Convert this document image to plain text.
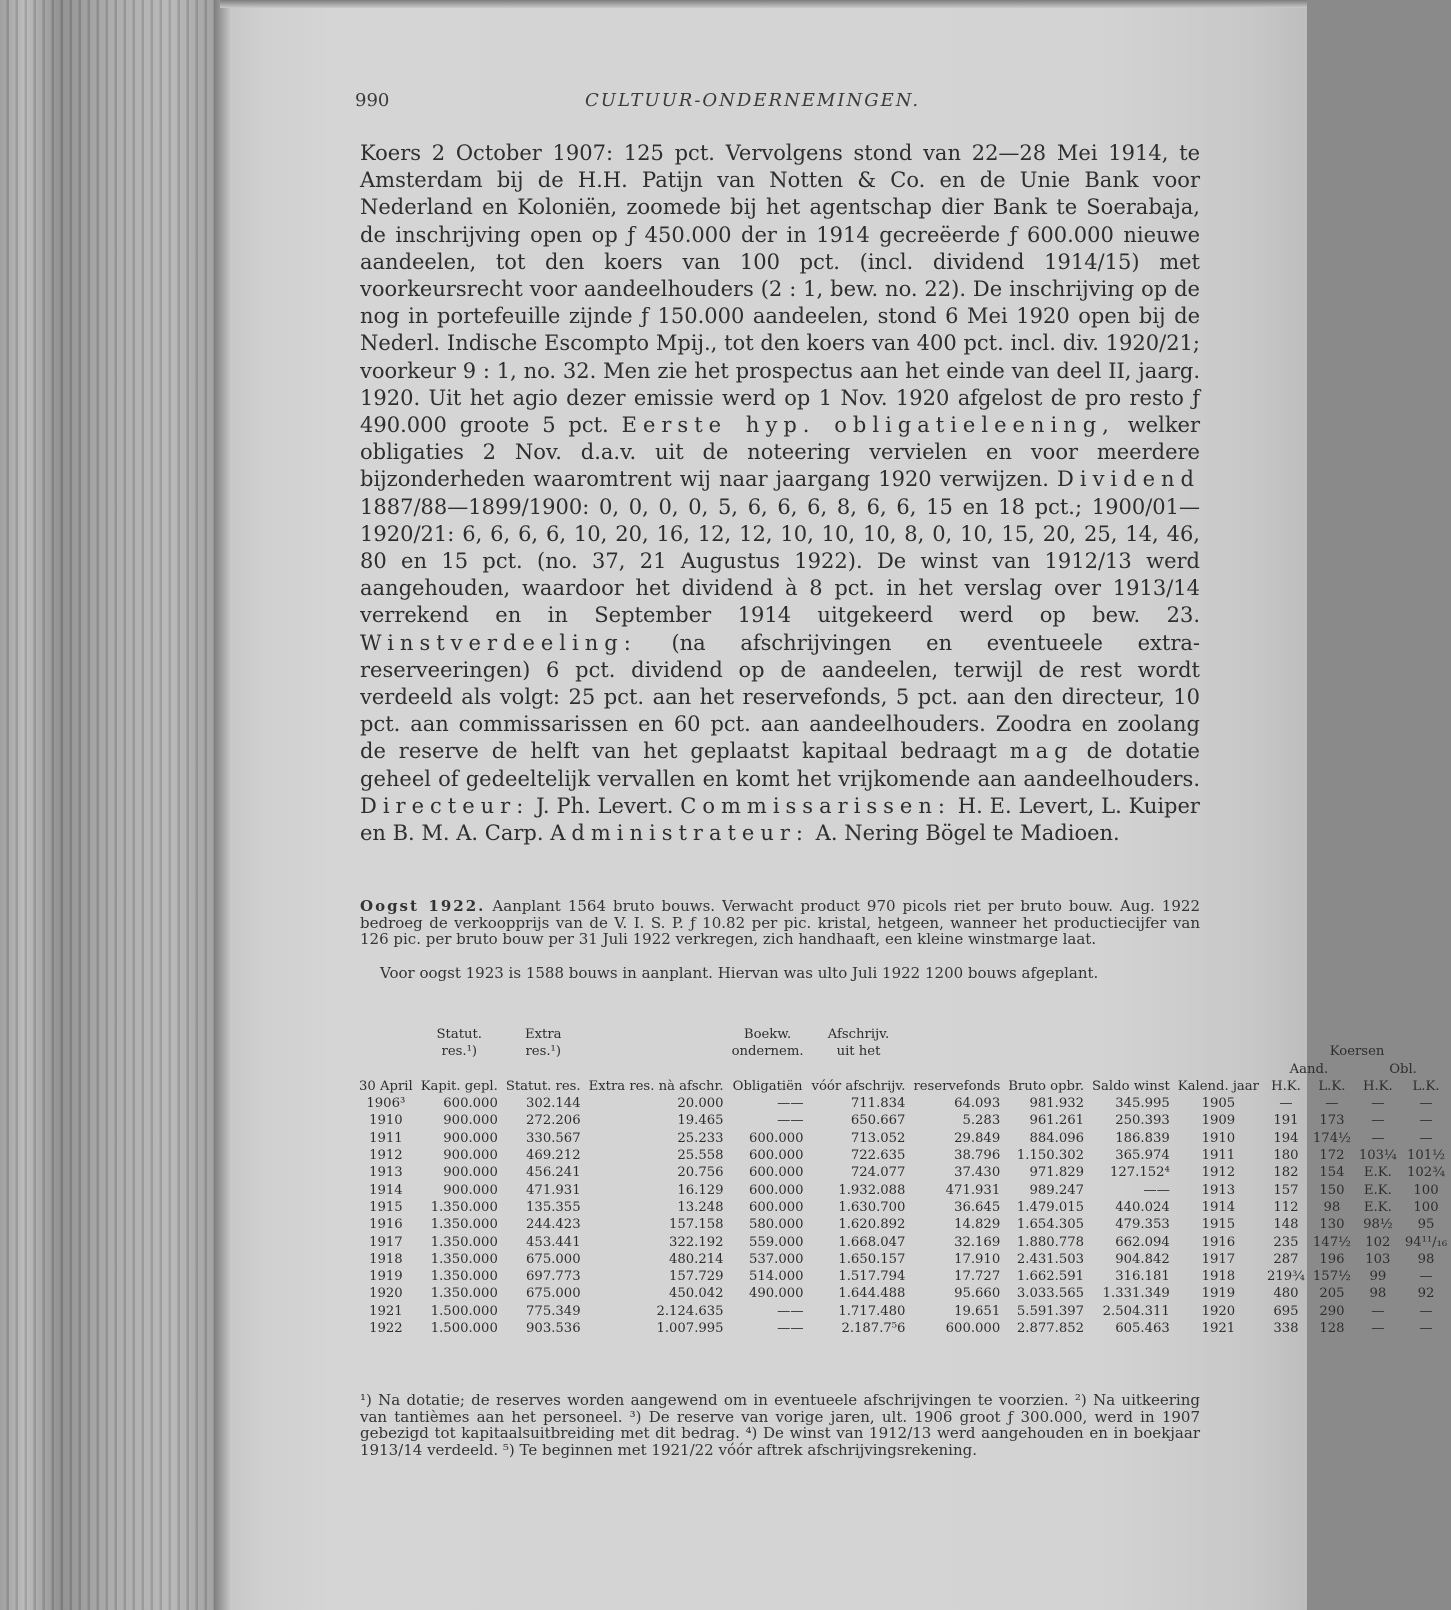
990	CULTUUR-ONDERNEMINGEN.
Koers 2 October 1907: 125 pct. Vervolgens stond van 22—28 Mei 1914, te Amsterdam bij de H.H. Patijn van Notten & Co. en de Unie Bank voor Nederland en Koloniën, zoomede bij het agentschap dier Bank te Soerabaja, de inschrijving open op ƒ 450.000 der in 1914 gecreëerde ƒ 600.000 nieuwe aandeelen, tot den koers van 100 pct. (incl. dividend 1914/15) met voorkeursrecht voor aandeelhouders (2 : 1, bew. no. 22). De inschrijving op de nog in portefeuille zijnde ƒ 150.000 aandeelen, stond 6 Mei 1920 open bij de Nederl. Indische Escompto Mpij., tot den koers van 400 pct. incl. div. 1920/21; voorkeur 9 : 1, no. 32. Men zie het prospectus aan het einde van deel II, jaarg. 1920. Uit het agio dezer emissie werd op 1 Nov. 1920 afgelost de pro resto ƒ 490.000 groote 5 pct. Eerste hyp. obligatieleening, welker obligaties 2 Nov. d.a.v. uit de noteering vervielen en voor meerdere bijzonderheden waaromtrent wij naar jaargang 1920 verwijzen. Dividend 1887/88—1899/1900: 0, 0, 0, 0, 5, 6, 6, 6, 8, 6, 6, 15 en 18 pct.; 1900/01—1920/21: 6, 6, 6, 6, 10, 20, 16, 12, 12, 10, 10, 10, 8, 0, 10, 15, 20, 25, 14, 46, 80 en 15 pct. (no. 37, 21 Augustus 1922). De winst van 1912/13 werd aangehouden, waardoor het dividend à 8 pct. in het verslag over 1913/14 verrekend en in September 1914 uitgekeerd werd op bew. 23. Winstverdeeling: (na afschrijvingen en eventueele extra-reserveeringen) 6 pct. dividend op de aandeelen, terwijl de rest wordt verdeeld als volgt: 25 pct. aan het reservefonds, 5 pct. aan den directeur, 10 pct. aan commissarissen en 60 pct. aan aandeelhouders. Zoodra en zoolang de reserve de helft van het geplaatst kapitaal bedraagt mag de dotatie geheel of gedeeltelijk vervallen en komt het vrijkomende aan aandeelhouders. Directeur: J. Ph. Levert. Commissarissen: H. E. Levert, L. Kuiper en B. M. A. Carp. Administrateur: A. Nering Bögel te Madioen.
Oogst 1922. Aanplant 1564 bruto bouws. Verwacht product 970 picols riet per bruto bouw. Aug. 1922 bedroeg de verkoopprijs van de V. I. S. P. ƒ 10.82 per pic. kristal, hetgeen, wanneer het productiecijfer van 126 pic. per bruto bouw per 31 Juli 1922 verkregen, zich handhaaft, een kleine winstmarge laat.
Voor oogst 1923 is 1588 bouws in aanplant. Hiervan was ulto Juli 1922 1200 bouws afgeplant.
	Statut.	Extra		Boekw.	Afschrijv.								
	res.¹)	res.¹)		ondernem.	uit het					Koersen			
										Aand.		Obl.	
30 April	Kapit. gepl.	Statut. res.	Extra res. nà afschr.	Obligatiën	vóór afschrijv.	reservefonds	Bruto opbr.	Saldo winst	Kalend. jaar	H.K.	L.K.	H.K.	L.K.
1906³	600.000	302.144	20.000	——	711.834	64.093	981.932	345.995	1905	—	—	—	—
1910	900.000	272.206	19.465	——	650.667	5.283	961.261	250.393	1909	191	173	—	—
1911	900.000	330.567	25.233	600.000	713.052	29.849	884.096	186.839	1910	194	174½	—	—
1912	900.000	469.212	25.558	600.000	722.635	38.796	1.150.302	365.974	1911	180	172	103¼	101½
1913	900.000	456.241	20.756	600.000	724.077	37.430	971.829	127.152⁴	1912	182	154	E.K.	102¾
1914	900.000	471.931	16.129	600.000	1.932.088	471.931	989.247	——	1913	157	150	E.K.	100
1915	1.350.000	135.355	13.248	600.000	1.630.700	36.645	1.479.015	440.024	1914	112	98	E.K.	100
1916	1.350.000	244.423	157.158	580.000	1.620.892	14.829	1.654.305	479.353	1915	148	130	98½	95
1917	1.350.000	453.441	322.192	559.000	1.668.047	32.169	1.880.778	662.094	1916	235	147½	102	94¹¹/₁₆
1918	1.350.000	675.000	480.214	537.000	1.650.157	17.910	2.431.503	904.842	1917	287	196	103	98
1919	1.350.000	697.773	157.729	514.000	1.517.794	17.727	1.662.591	316.181	1918	219¾	157½	99	—
1920	1.350.000	675.000	450.042	490.000	1.644.488	95.660	3.033.565	1.331.349	1919	480	205	98	92
1921	1.500.000	775.349	2.124.635	——	1.717.480	19.651	5.591.397	2.504.311	1920	695	290	—	—
1922	1.500.000	903.536	1.007.995	——	2.187.7⁵6	600.000	2.877.852	605.463	1921	338	128	—	—
¹) Na dotatie; de reserves worden aangewend om in eventueele afschrijvingen te voorzien. ²) Na uitkeering van tantièmes aan het personeel. ³) De reserve van vorige jaren, ult. 1906 groot ƒ 300.000, werd in 1907 gebezigd tot kapitaalsuitbreiding met dit bedrag. ⁴) De winst van 1912/13 werd aangehouden en in boekjaar 1913/14 verdeeld. ⁵) Te beginnen met 1921/22 vóór aftrek afschrijvingsrekening.
